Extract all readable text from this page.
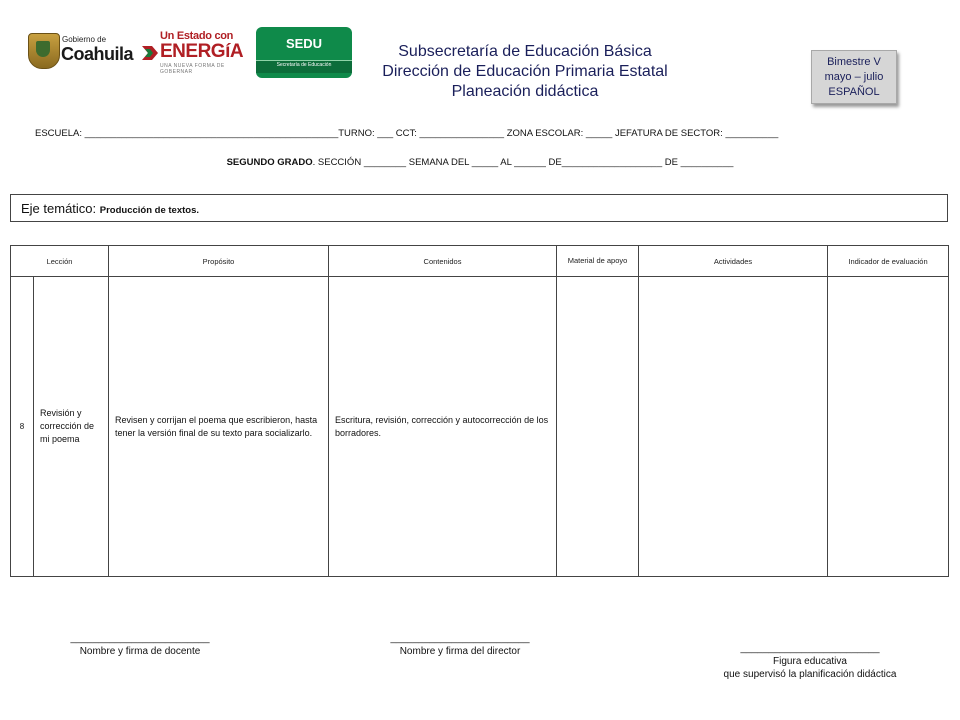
Gobierno de
Coahuila
Un Estado con
ENERGíA
UNA NUEVA FORMA DE GOBERNAR
SEDU
Secretaría de Educación
Subsecretaría de Educación Básica
Dirección de Educación Primaria Estatal
Planeación didáctica
Bimestre V
mayo – julio
ESPAÑOL
ESCUELA: ________________________________________________TURNO: ___ CCT: ________________ ZONA ESCOLAR: _____ JEFATURA DE SECTOR: __________
SEGUNDO GRADO. SECCIÓN ________ SEMANA DEL _____ AL ______ DE___________________ DE __________
Eje temático: Producción de textos.
Lección		Propósito	Contenidos	Material de apoyo	Actividades	Indicador de evaluación
8	Revisión y corrección de mi poema	Revisen y corrijan el poema que escribieron, hasta tener la versión final de su texto para socializarlo.	Escritura, revisión, corrección y autocorrección de los borradores.			
_________________________
Nombre y firma de docente
_________________________
Nombre y firma del director	_________________________
Figura educativa
que supervisó la planificación didáctica
